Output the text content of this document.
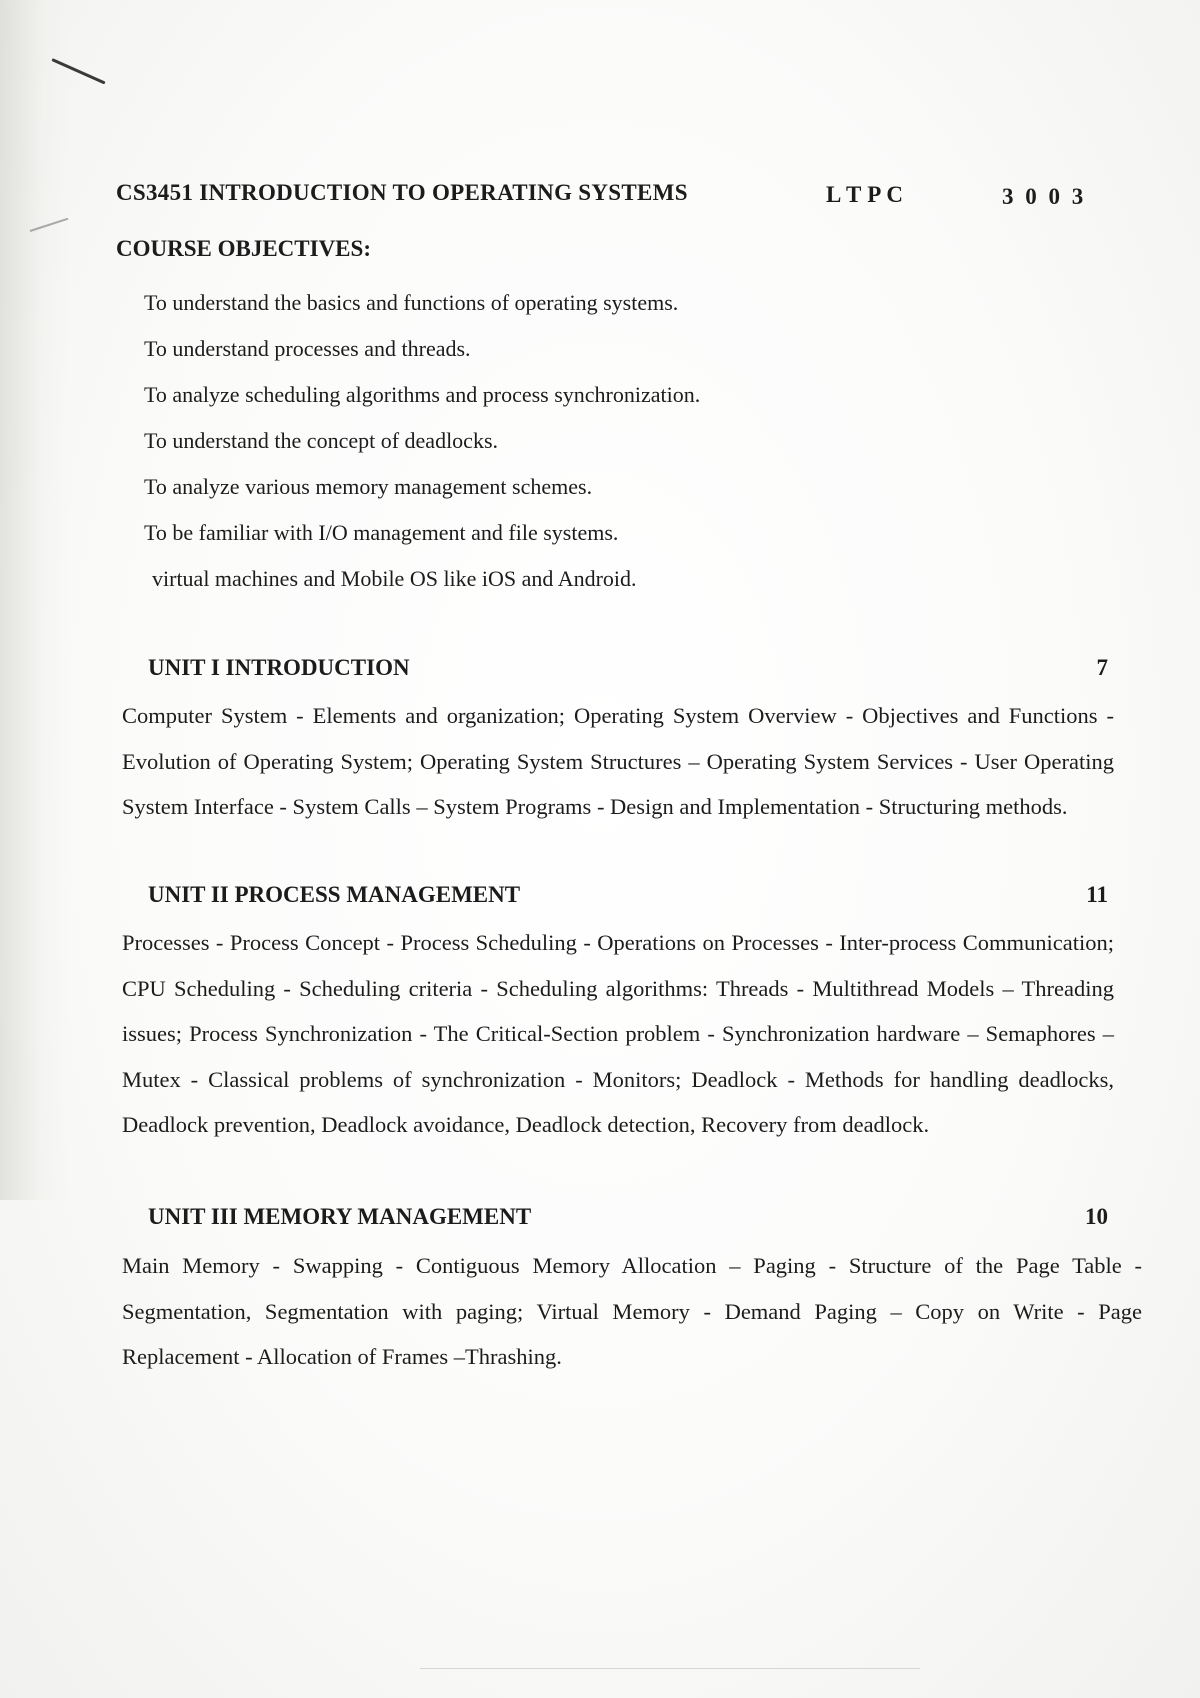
CS3451 INTRODUCTION TO OPERATING SYSTEMS	L T P C	3 0 0 3
COURSE OBJECTIVES:
To understand the basics and functions of operating systems.
To understand processes and threads.
To analyze scheduling algorithms and process synchronization.
To understand the concept of deadlocks.
To analyze various memory management schemes.
To be familiar with I/O management and file systems.
virtual machines and Mobile OS like iOS and Android.
UNIT I INTRODUCTION	7

Computer System - Elements and organization; Operating System Overview - Objectives and Functions - Evolution of Operating System; Operating System Structures – Operating System Services - User Operating System Interface - System Calls – System Programs - Design and Implementation - Structuring methods.

UNIT II PROCESS MANAGEMENT	11

Processes - Process Concept - Process Scheduling - Operations on Processes - Inter-process Communication; CPU Scheduling - Scheduling criteria - Scheduling algorithms: Threads - Multithread Models – Threading issues; Process Synchronization - The Critical-Section problem - Synchronization hardware – Semaphores – Mutex - Classical problems of synchronization - Monitors; Deadlock - Methods for handling deadlocks, Deadlock prevention, Deadlock avoidance, Deadlock detection, Recovery from deadlock.

UNIT III MEMORY MANAGEMENT	10

Main Memory - Swapping - Contiguous Memory Allocation – Paging - Structure of the Page Table - Segmentation, Segmentation with paging; Virtual Memory - Demand Paging – Copy on Write - Page Replacement - Allocation of Frames –Thrashing.
